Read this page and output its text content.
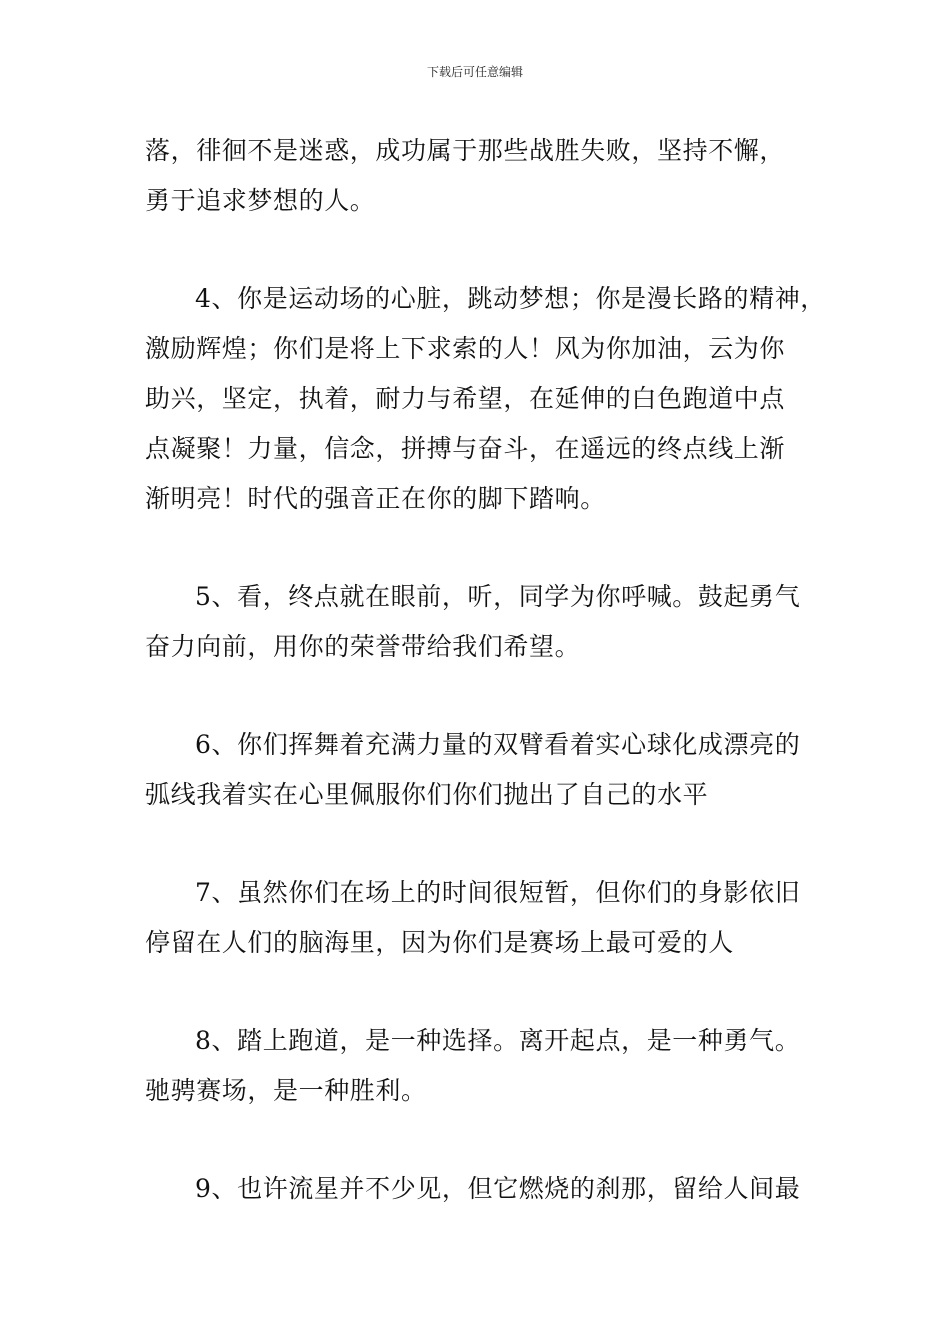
下载后可任意编辑
落，徘徊不是迷惑，成功属于那些战胜失败，坚持不懈，
勇于追求梦想的人。
4、你是运动场的心脏，跳动梦想；你是漫长路的精神，
激励辉煌；你们是将上下求索的人！风为你加油，云为你
助兴，坚定，执着，耐力与希望，在延伸的白色跑道中点
点凝聚！力量，信念，拼搏与奋斗，在遥远的终点线上渐
渐明亮！时代的强音正在你的脚下踏响。
5、看，终点就在眼前，听，同学为你呼喊。鼓起勇气
奋力向前，用你的荣誉带给我们希望。
6、你们挥舞着充满力量的双臂看着实心球化成漂亮的
弧线我着实在心里佩服你们你们抛出了自己的水平
7、虽然你们在场上的时间很短暂，但你们的身影依旧
停留在人们的脑海里，因为你们是赛场上最可爱的人
8、踏上跑道，是一种选择。离开起点，是一种勇气。
驰骋赛场，是一种胜利。
9、也许流星并不少见，但它燃烧的刹那，留给人间最
